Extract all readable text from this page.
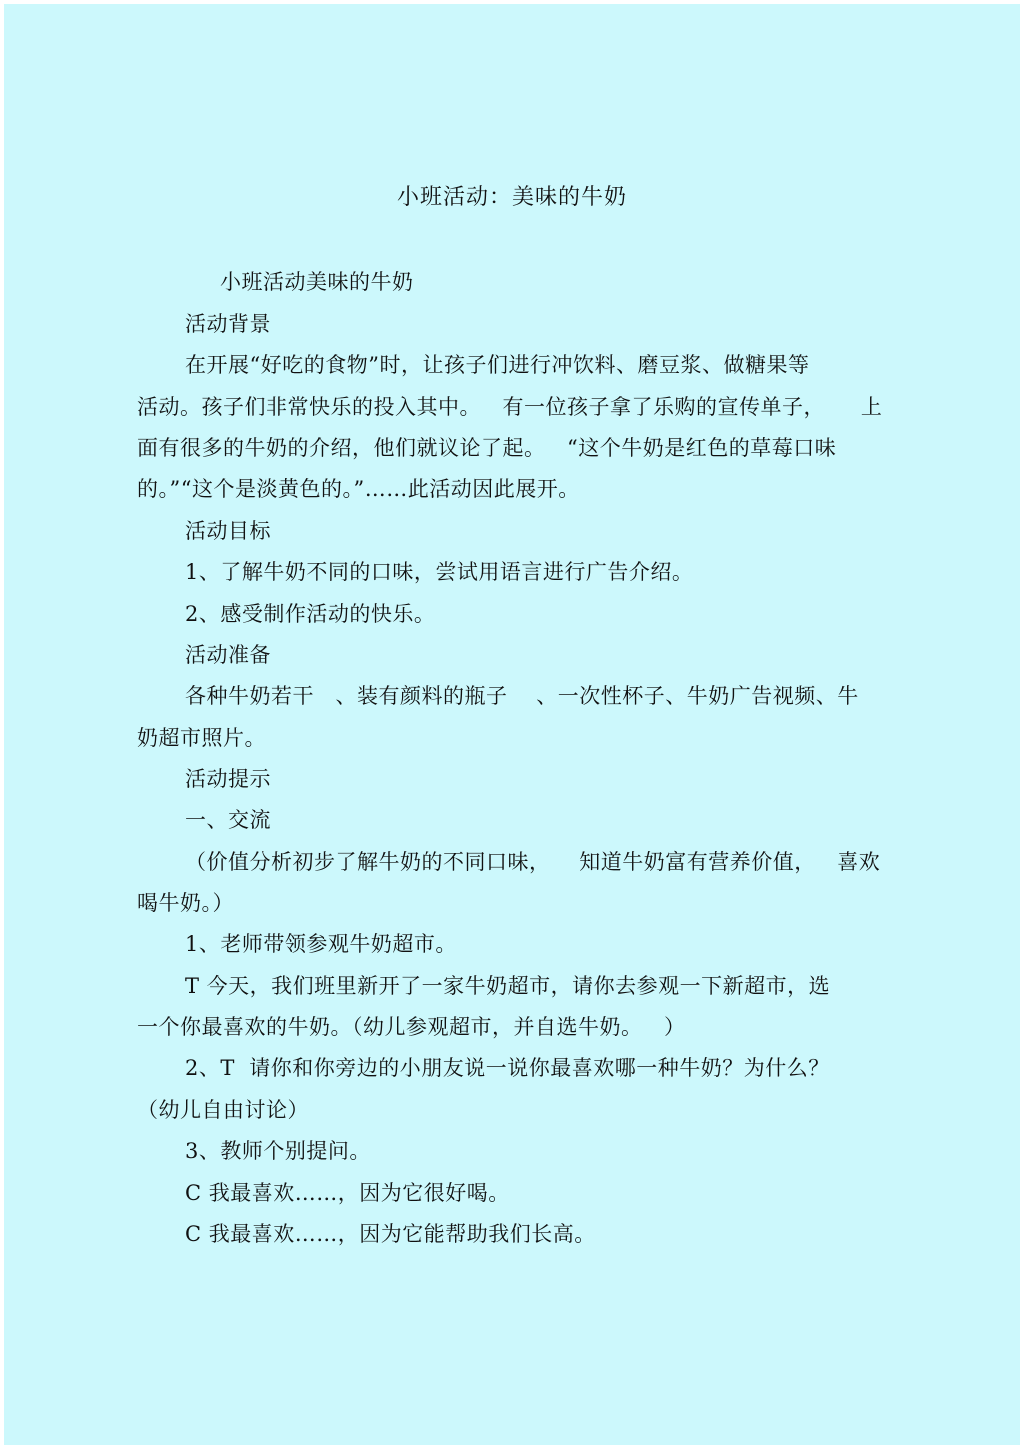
小班活动：美味的牛奶
小班活动美味的牛奶
活动背景
在开展“好吃的食物”时，让孩子们进行冲饮料、磨豆浆、做糖果等
活动。孩子们非常快乐的投入其中。   有一位孩子拿了乐购的宣传单子，     上
面有很多的牛奶的介绍，他们就议论了起。   “这个牛奶是红色的草莓口味
的。”“这个是淡黄色的。”……此活动因此展开。
活动目标
1、了解牛奶不同的口味，尝试用语言进行广告介绍。
2、感受制作活动的快乐。
活动准备
各种牛奶若干   、装有颜料的瓶子    、一次性杯子、牛奶广告视频、牛
奶超市照片。
活动提示
一、交流
（价值分析初步了解牛奶的不同口味，    知道牛奶富有营养价值，   喜欢
喝牛奶。）
1、老师带领参观牛奶超市。
T 今天，我们班里新开了一家牛奶超市，请你去参观一下新超市，选
一个你最喜欢的牛奶。（幼儿参观超市，并自选牛奶。   ）
2、T  请你和你旁边的小朋友说一说你最喜欢哪一种牛奶？为什么？
（幼儿自由讨论）
3、教师个别提问。
C 我最喜欢……，因为它很好喝。
C 我最喜欢……，因为它能帮助我们长高。
